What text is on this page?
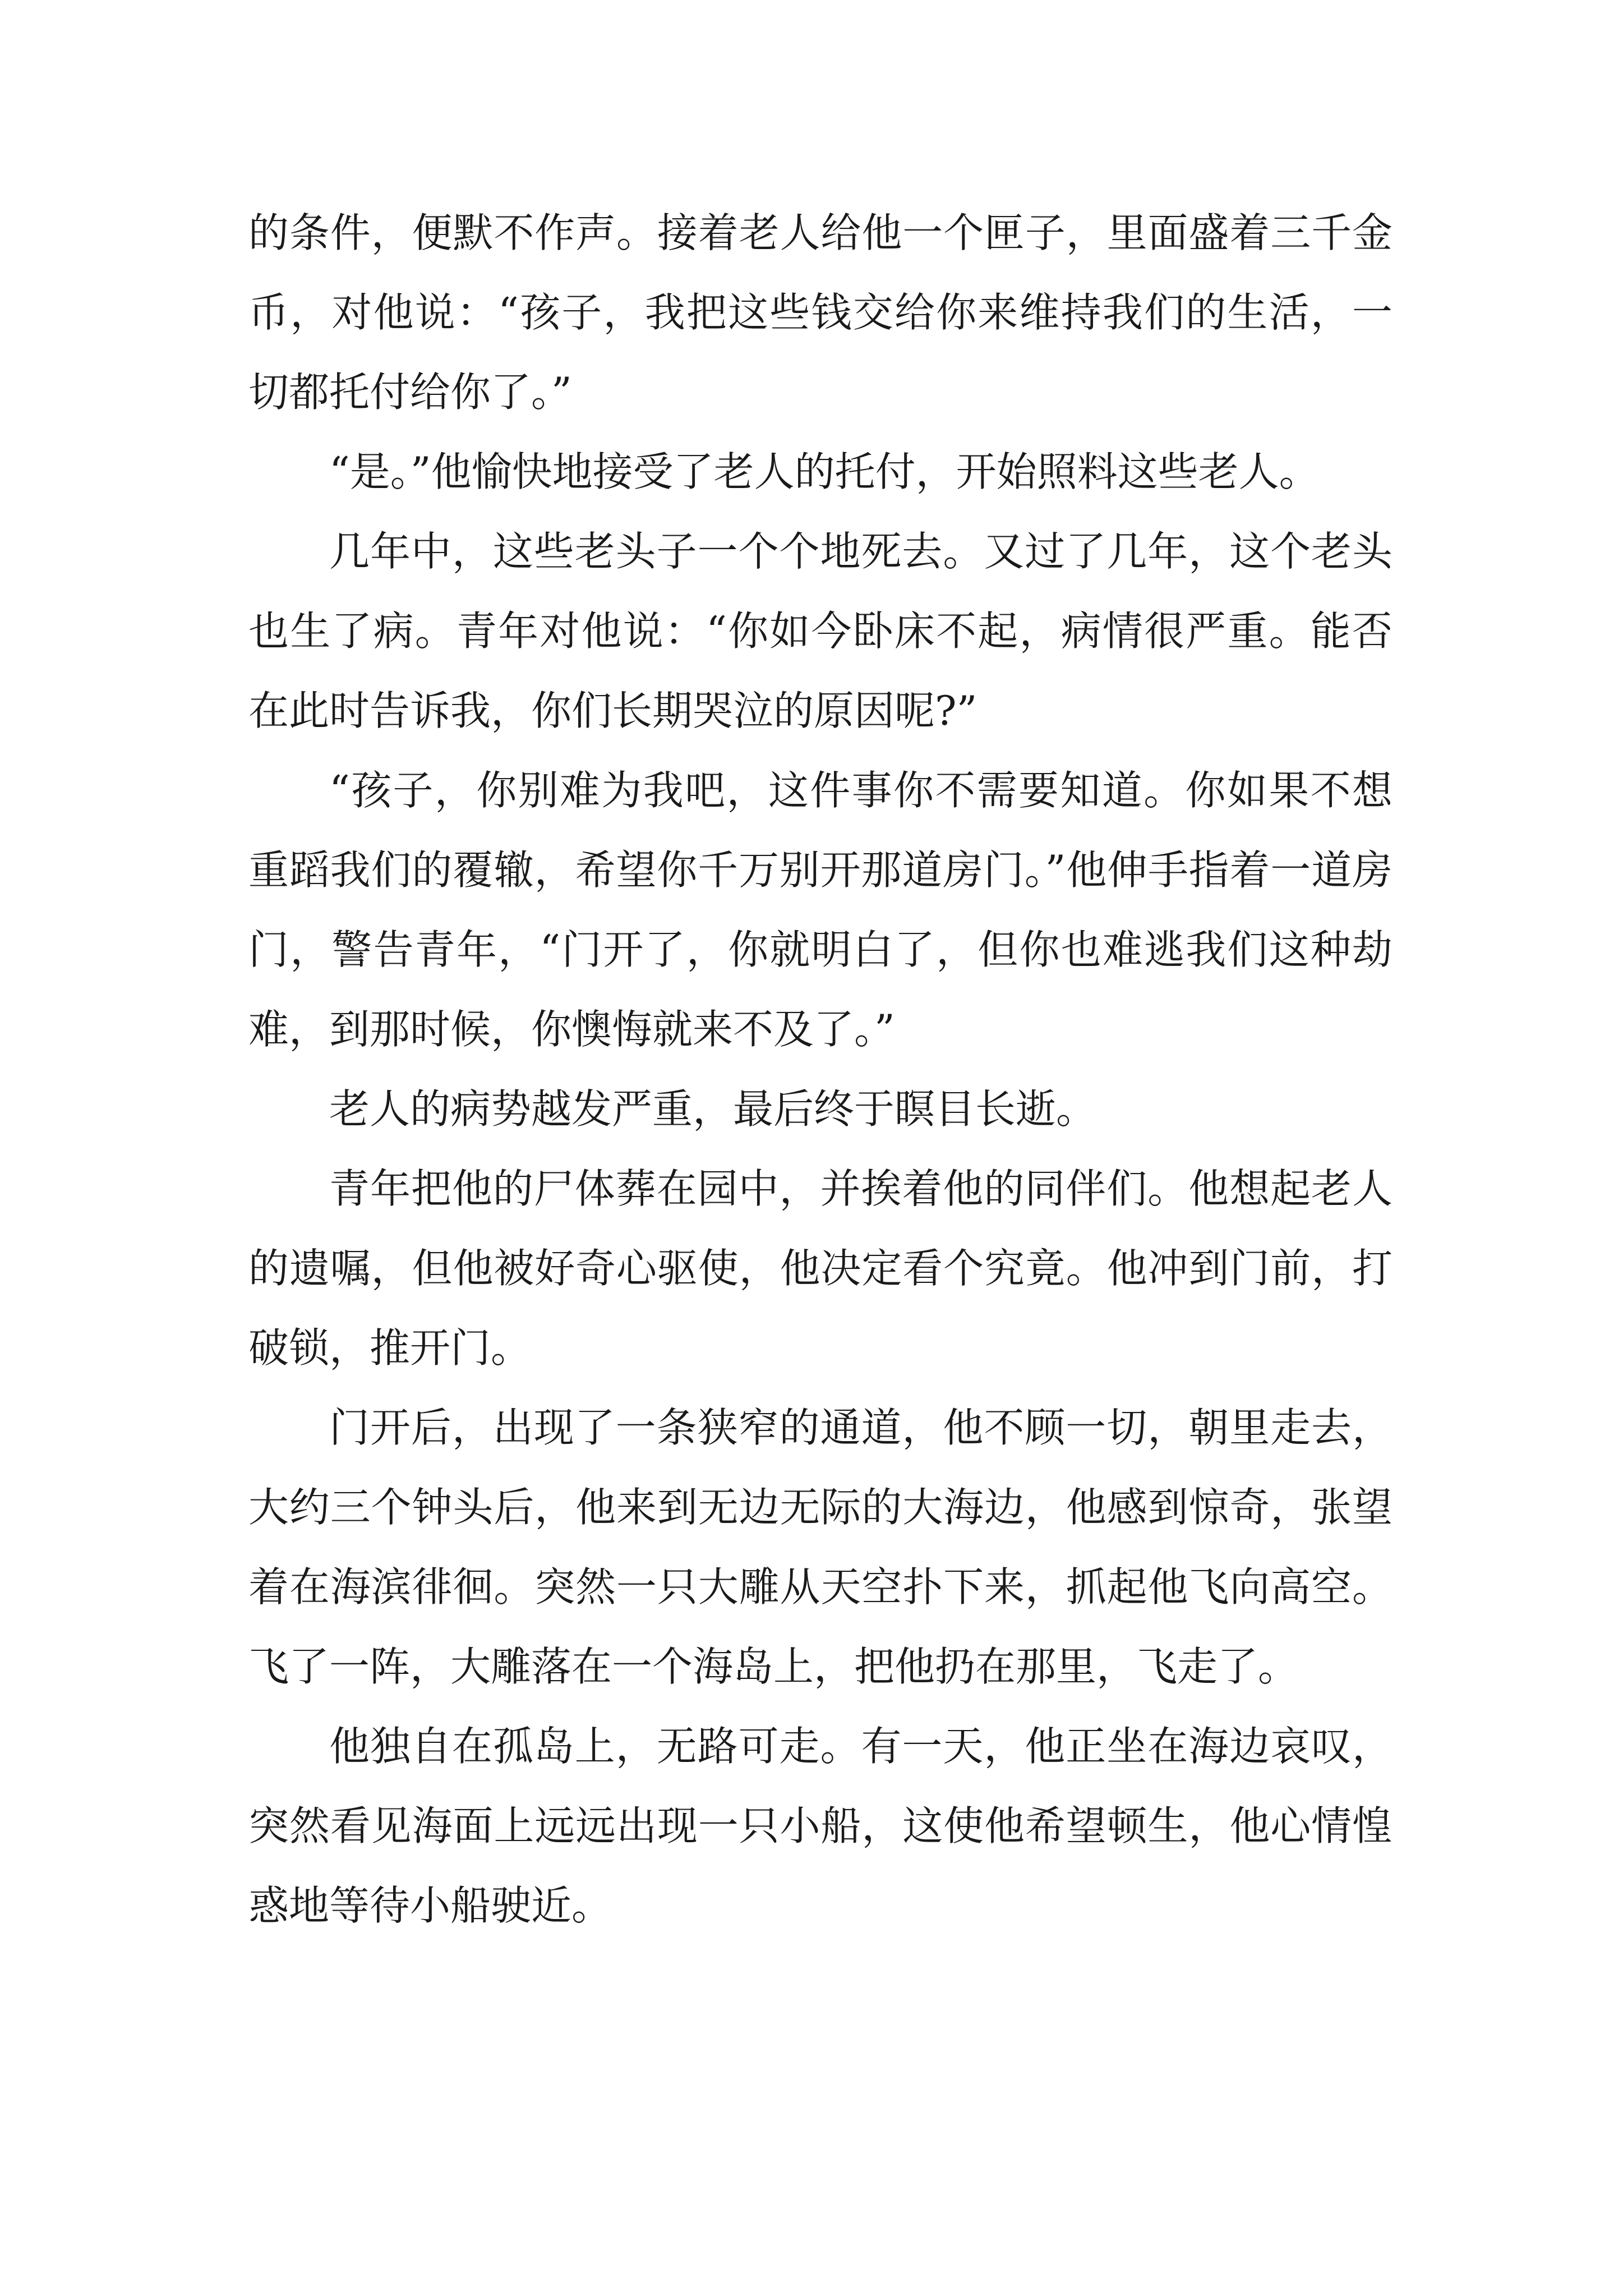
的条件，便默不作声。接着老人给他一个匣子，里面盛着三千金币，对他说：“孩子，我把这些钱交给你来维持我们的生活，一切都托付给你了。”

“是。”他愉快地接受了老人的托付，开始照料这些老人。

几年中，这些老头子一个个地死去。又过了几年，这个老头也生了病。青年对他说：“你如今卧床不起，病情很严重。能否在此时告诉我，你们长期哭泣的原因呢?”

“孩子，你别难为我吧，这件事你不需要知道。你如果不想重蹈我们的覆辙，希望你千万别开那道房门。”他伸手指着一道房门，警告青年，“门开了，你就明白了，但你也难逃我们这种劫难，到那时候，你懊悔就来不及了。”

老人的病势越发严重，最后终于瞑目长逝。

青年把他的尸体葬在园中，并挨着他的同伴们。他想起老人的遗嘱，但他被好奇心驱使，他决定看个究竟。他冲到门前，打破锁，推开门。

门开后，出现了一条狭窄的通道，他不顾一切，朝里走去，大约三个钟头后，他来到无边无际的大海边，他感到惊奇，张望着在海滨徘徊。突然一只大雕从天空扑下来，抓起他飞向高空。飞了一阵，大雕落在一个海岛上，把他扔在那里，飞走了。

他独自在孤岛上，无路可走。有一天，他正坐在海边哀叹，突然看见海面上远远出现一只小船，这使他希望顿生，他心情惶惑地等待小船驶近。
